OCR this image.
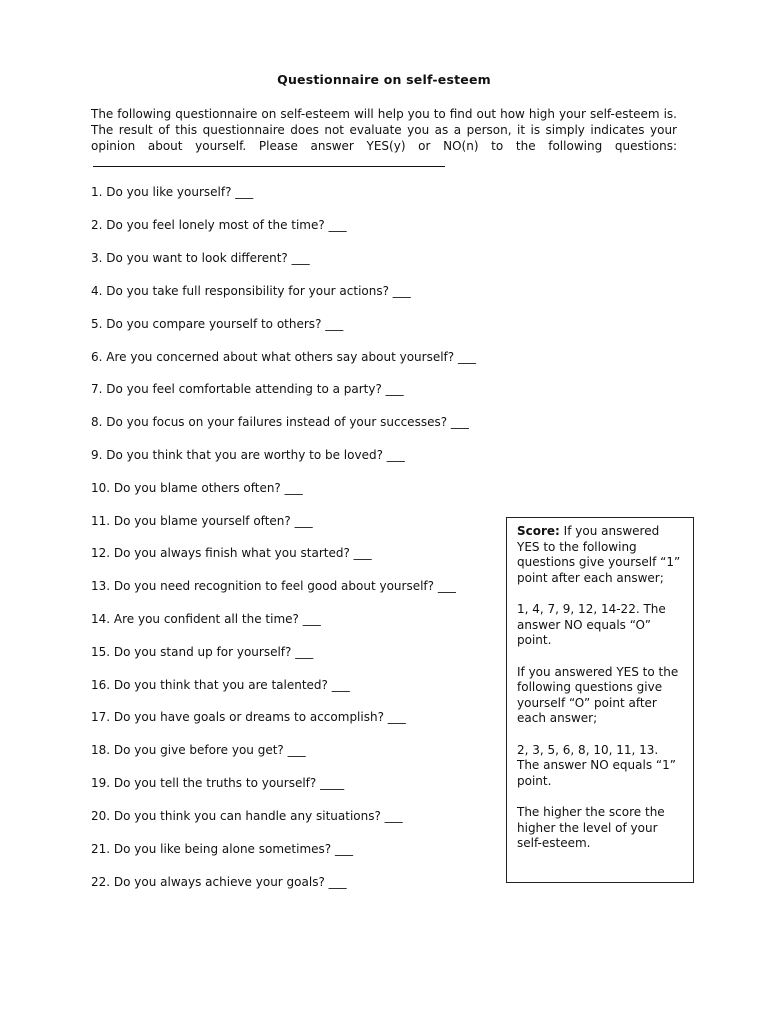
Questionnaire on self-esteem
The following questionnaire on self-esteem will help you to find out how high your self-esteem is. The result of this questionnaire does not evaluate you as a person, it is simply indicates your opinion about yourself. Please answer YES(y) or NO(n) to the following questions:
1. Do you like yourself? ___
2. Do you feel lonely most of the time? ___
3. Do you want to look different? ___
4. Do you take full responsibility for your actions? ___
5. Do you compare yourself to others? ___
6. Are you concerned about what others say about yourself? ___
7. Do you feel comfortable attending to a party? ___
8. Do you focus on your failures instead of your successes? ___
9. Do you think that you are worthy to be loved? ___
10. Do you blame others often? ___
11. Do you blame yourself often? ___
12. Do you always finish what you started? ___
13. Do you need recognition to feel good about yourself? ___
14. Are you confident all the time? ___
15. Do you stand up for yourself? ___
16. Do you think that you are talented? ___
17. Do you have goals or dreams to accomplish? ___
18. Do you give before you get? ___
19. Do you tell the truths to yourself? ____
20. Do you think you can handle any situations? ___
21. Do you like being alone sometimes? ___
22. Do you always achieve your goals? ___

Score: If you answered YES to the following questions give yourself “1” point after each answer;

1, 4, 7, 9, 12, 14-22. The answer NO equals “O” point.

If you answered YES to the following questions give yourself “O” point after each answer;

2, 3, 5, 6, 8, 10, 11, 13. The answer NO equals “1” point.

The higher the score the higher the level of your self-esteem.
